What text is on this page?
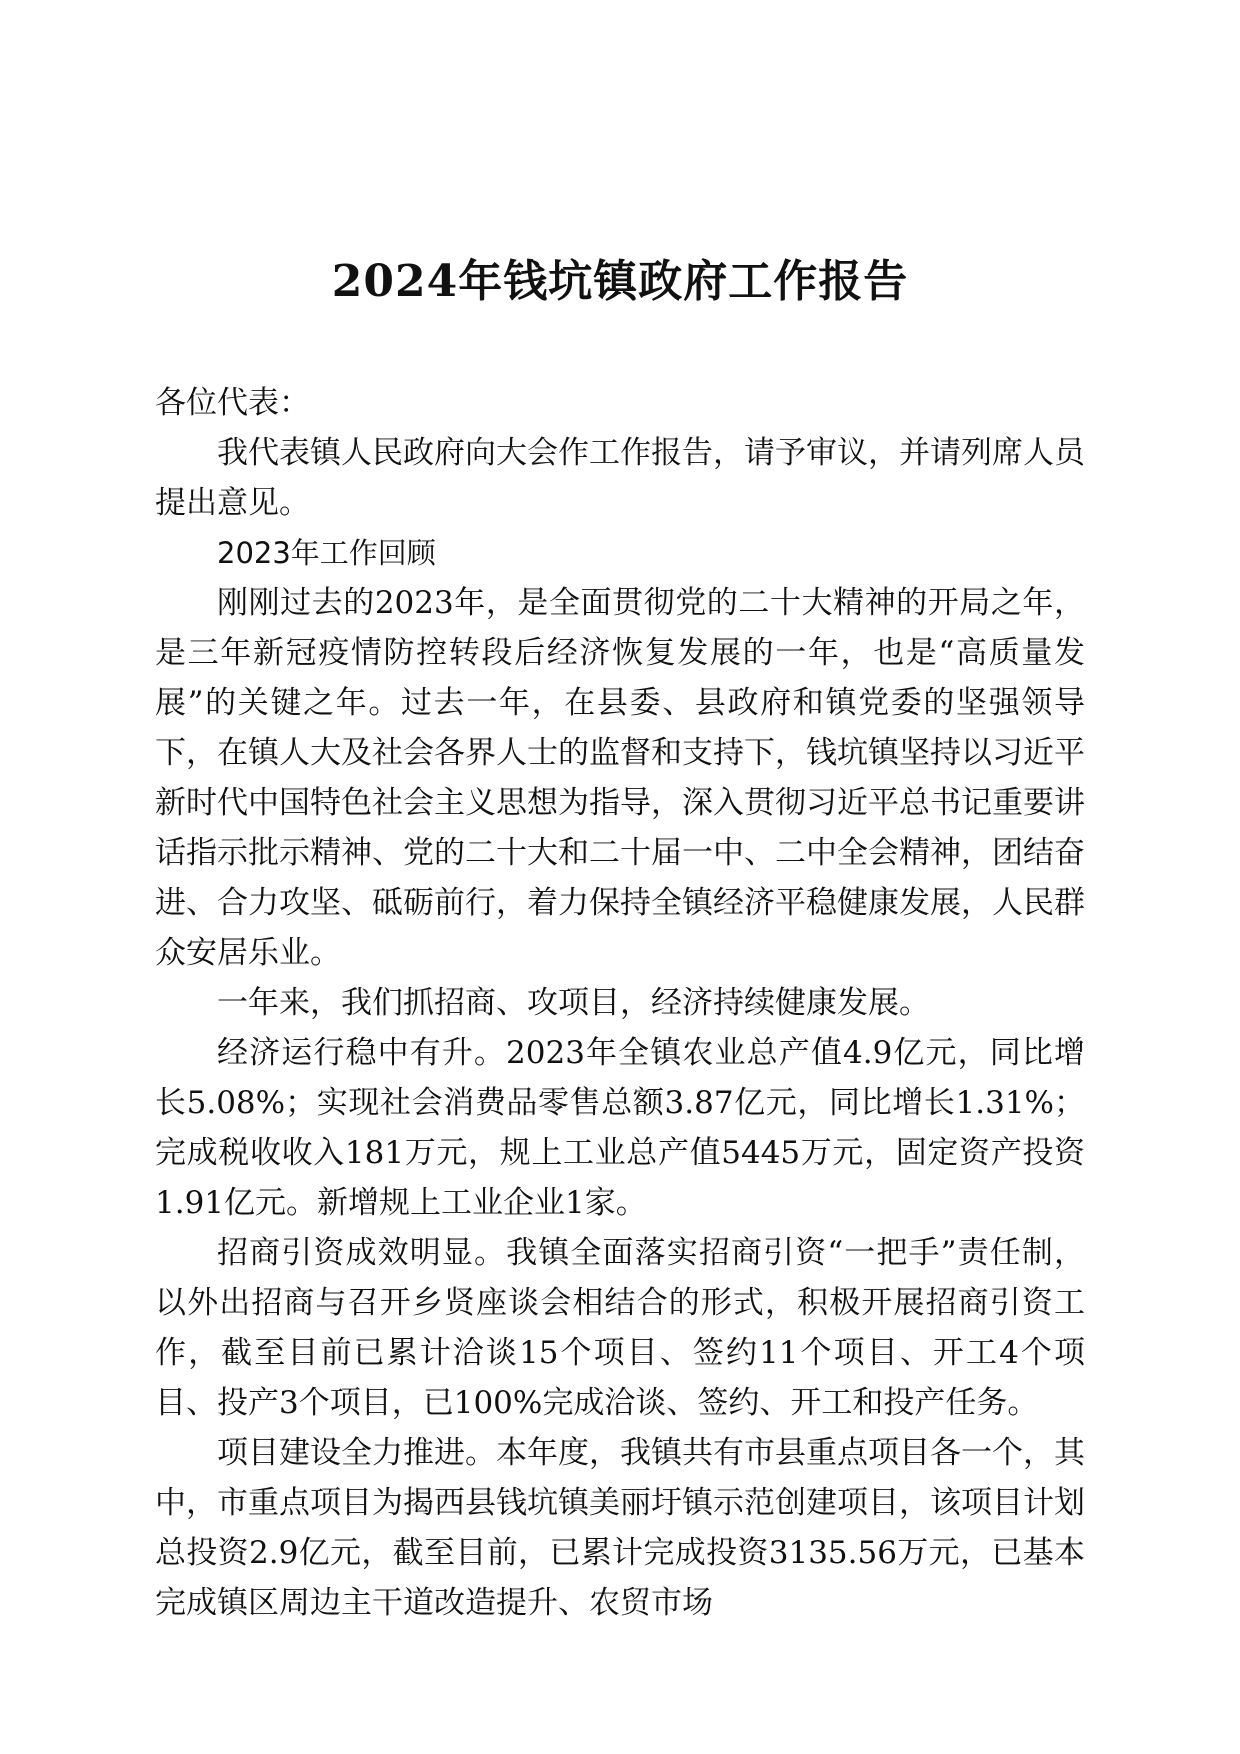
2024年钱坑镇政府工作报告

各位代表：

我代表镇人民政府向大会作工作报告，请予审议，并请列席人员提出意见。

2023年工作回顾

刚刚过去的2023年，是全面贯彻党的二十大精神的开局之年，是三年新冠疫情防控转段后经济恢复发展的一年，也是“高质量发展”的关键之年。过去一年，在县委、县政府和镇党委的坚强领导下，在镇人大及社会各界人士的监督和支持下，钱坑镇坚持以习近平新时代中国特色社会主义思想为指导，深入贯彻习近平总书记重要讲话指示批示精神、党的二十大和二十届一中、二中全会精神，团结奋进、合力攻坚、砥砺前行，着力保持全镇经济平稳健康发展，人民群众安居乐业。

一年来，我们抓招商、攻项目，经济持续健康发展。

经济运行稳中有升。2023年全镇农业总产值4.9亿元，同比增长5.08%；实现社会消费品零售总额3.87亿元，同比增长1.31%；完成税收收入181万元，规上工业总产值5445万元，固定资产投资1.91亿元。新增规上工业企业1家。

招商引资成效明显。我镇全面落实招商引资“一把手”责任制，以外出招商与召开乡贤座谈会相结合的形式，积极开展招商引资工作，截至目前已累计洽谈15个项目、签约11个项目、开工4个项目、投产3个项目，已100%完成洽谈、签约、开工和投产任务。

项目建设全力推进。本年度，我镇共有市县重点项目各一个，其中，市重点项目为揭西县钱坑镇美丽圩镇示范创建项目，该项目计划总投资2.9亿元，截至目前，已累计完成投资3135.56万元，已基本完成镇区周边主干道改造提升、农贸市场
